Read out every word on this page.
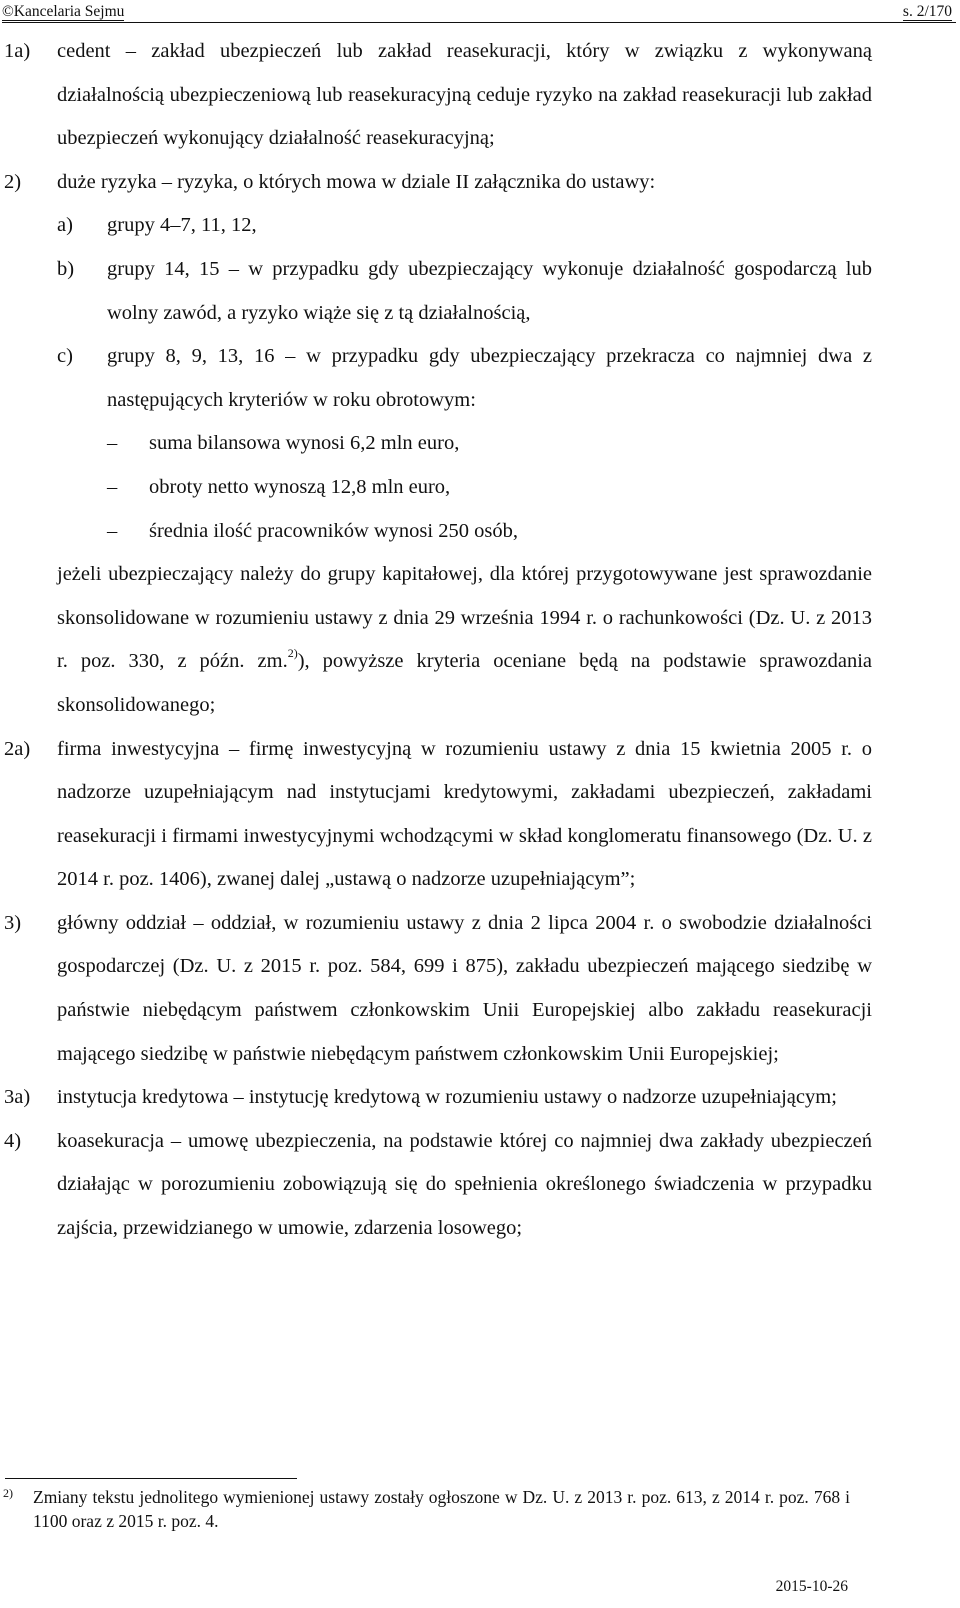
©Kancelaria Sejmu	s. 2/170
1a) cedent – zakład ubezpieczeń lub zakład reasekuracji, który w związku z wykonywaną działalnością ubezpieczeniową lub reasekuracyjną ceduje ryzyko na zakład reasekuracji lub zakład ubezpieczeń wykonujący działalność reasekuracyjną;
2) duże ryzyka – ryzyka, o których mowa w dziale II załącznika do ustawy:
a) grupy 4–7, 11, 12,
b) grupy 14, 15 – w przypadku gdy ubezpieczający wykonuje działalność gospodarczą lub wolny zawód, a ryzyko wiąże się z tą działalnością,
c) grupy 8, 9, 13, 16 – w przypadku gdy ubezpieczający przekracza co najmniej dwa z następujących kryteriów w roku obrotowym:
– suma bilansowa wynosi 6,2 mln euro,
– obroty netto wynoszą 12,8 mln euro,
– średnia ilość pracowników wynosi 250 osób,
jeżeli ubezpieczający należy do grupy kapitałowej, dla której przygotowywane jest sprawozdanie skonsolidowane w rozumieniu ustawy z dnia 29 września 1994 r. o rachunkowości (Dz. U. z 2013 r. poz. 330, z późn. zm.$^{2)}$), powyższe kryteria oceniane będą na podstawie sprawozdania skonsolidowanego;
2a) firma inwestycyjna – firmę inwestycyjną w rozumieniu ustawy z dnia 15 kwietnia 2005 r. o nadzorze uzupełniającym nad instytucjami kredytowymi, zakładami ubezpieczeń, zakładami reasekuracji i firmami inwestycyjnymi wchodzącymi w skład konglomeratu finansowego (Dz. U. z 2014 r. poz. 1406), zwanej dalej „ustawą o nadzorze uzupełniającym”;
3) główny oddział – oddział, w rozumieniu ustawy z dnia 2 lipca 2004 r. o swobodzie działalności gospodarczej (Dz. U. z 2015 r. poz. 584, 699 i 875), zakładu ubezpieczeń mającego siedzibę w państwie niebędącym państwem członkowskim Unii Europejskiej albo zakładu reasekuracji mającego siedzibę w państwie niebędącym państwem członkowskim Unii Europejskiej;
3a) instytucja kredytowa – instytucję kredytową w rozumieniu ustawy o nadzorze uzupełniającym;
4) koasekuracja – umowę ubezpieczenia, na podstawie której co najmniej dwa zakłady ubezpieczeń działając w porozumieniu zobowiązują się do spełnienia określonego świadczenia w przypadku zajścia, przewidzianego w umowie, zdarzenia losowego;
2)	Zmiany tekstu jednolitego wymienionej ustawy zostały ogłoszone w Dz. U. z 2013 r. poz. 613, z 2014 r. poz. 768 i 1100 oraz z 2015 r. poz. 4.
2015-10-26
